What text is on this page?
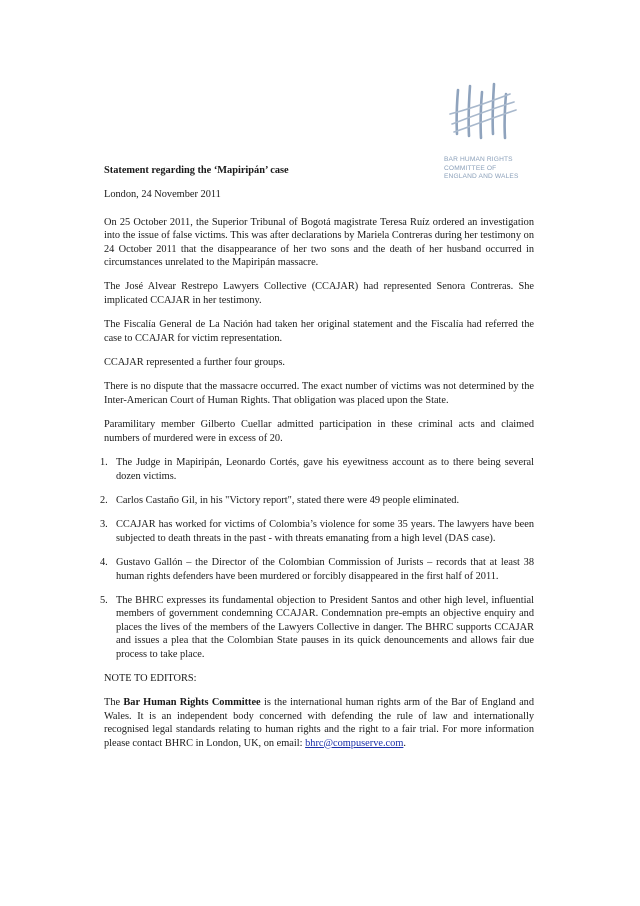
BAR HUMAN RIGHTS
COMMITTEE OF
ENGLAND AND WALES

Statement regarding the ‘Mapiripán’ case

London, 24 November 2011

On 25 October 2011, the Superior Tribunal of Bogotá magistrate Teresa Ruíz ordered an investigation into the issue of false victims. This was after declarations by Mariela Contreras during her testimony on 24 October 2011 that the disappearance of her two sons and the death of her husband occurred in circumstances unrelated to the Mapiripán massacre.

The José Alvear Restrepo Lawyers Collective (CCAJAR) had represented Senora Contreras. She implicated CCAJAR in her testimony.

The Fiscalía General de La Nación had taken her original statement and the Fiscalía had referred the case to CCAJAR for victim representation.

CCAJAR represented a further four groups.

There is no dispute that the massacre occurred. The exact number of victims was not determined by the Inter-American Court of Human Rights. That obligation was placed upon the State.

Paramilitary member Gilberto Cuellar admitted participation in these criminal acts and claimed numbers of murdered were in excess of 20.

1. The Judge in Mapiripán, Leonardo Cortés, gave his eyewitness account as to there being several dozen victims.
2. Carlos Castaño Gil, in his "Victory report", stated there were 49 people eliminated.
3. CCAJAR has worked for victims of Colombia’s violence for some 35 years. The lawyers have been subjected to death threats in the past - with threats emanating from a high level (DAS case).
4. Gustavo Gallón – the Director of the Colombian Commission of Jurists – records that at least 38 human rights defenders have been murdered or forcibly disappeared in the first half of 2011.
5. The BHRC expresses its fundamental objection to President Santos and other high level, influential members of government condemning CCAJAR. Condemnation pre-empts an objective enquiry and places the lives of the members of the Lawyers Collective in danger. The BHRC supports CCAJAR and issues a plea that the Colombian State pauses in its quick denouncements and allows fair due process to take place.

NOTE TO EDITORS:

The Bar Human Rights Committee is the international human rights arm of the Bar of England and Wales. It is an independent body concerned with defending the rule of law and internationally recognised legal standards relating to human rights and the right to a fair trial. For more information please contact BHRC in London, UK, on email: bhrc@compuserve.com.
